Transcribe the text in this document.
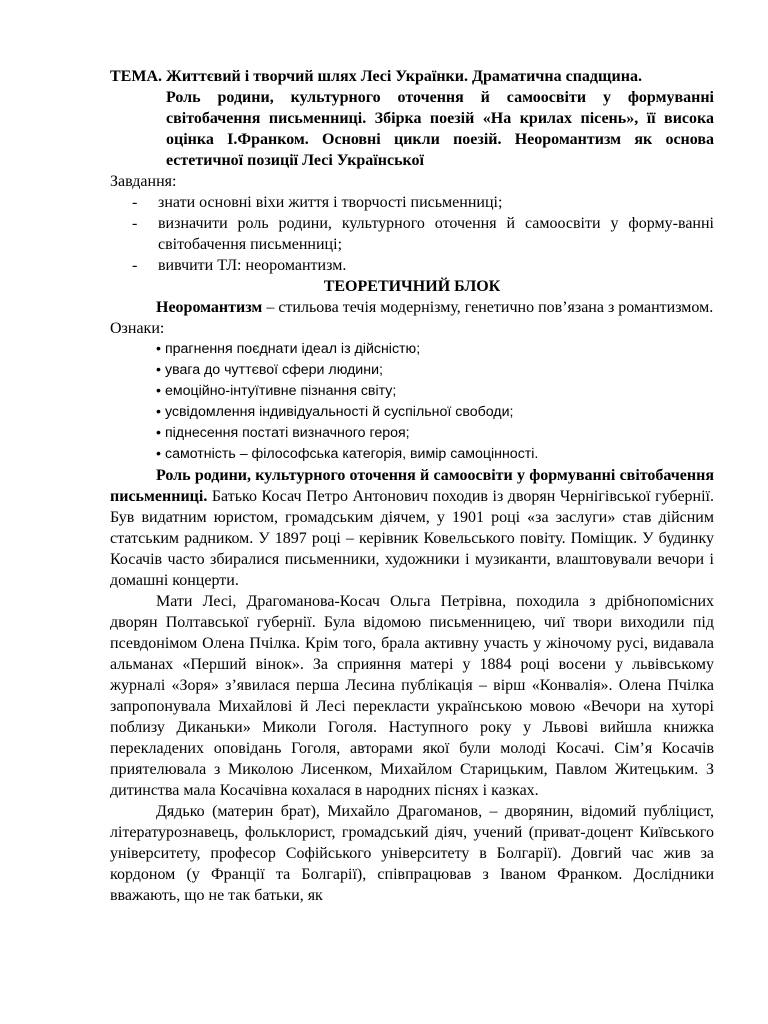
ТЕМА. Життєвий і творчий шлях Лесі Українки. Драматична спадщина.

Роль родини, культурного оточення й самоосвіти у формуванні світобачення письменниці. Збірка поезій «На крилах пісень», її висока оцінка І.Франком. Основні цикли поезій. Неоромантизм як основа естетичної позиції Лесі Української

Завдання:

- знати основні віхи життя і творчості письменниці;
- визначити роль родини, культурного оточення й самоосвіти у форму-ванні світобачення письменниці;
- вивчити ТЛ: неоромантизм.

ТЕОРЕТИЧНИЙ БЛОК

Неоромантизм – стильова течія модернізму, генетично пов’язана з романтизмом.

Ознаки:

• прагнення поєднати ідеал із дійсністю;
• увага до чуттєвої сфери людини;
• емоційно-інтуїтивне пізнання світу;
• усвідомлення індивідуальності й суспільної свободи;
• піднесення постаті визначного героя;
• самотність – філософська категорія, вимір самоцінності.

Роль родини, культурного оточення й самоосвіти у формуванні світобачення письменниці. Батько Косач Петро Антонович походив із дворян Чернігівської губернії. Був видатним юристом, громадським діячем, у 1901 році «за заслуги» став дійсним статським радником. У 1897 році – керівник Ковельського повіту. Поміщик. У будинку Косачів часто збиралися письменники, художники і музиканти, влаштовували вечори і домашні концерти.

Мати Лесі, Драгоманова-Косач Ольга Петрівна, походила з дрібнопомісних дворян Полтавської губернії. Була відомою письменницею, чиї твори виходили під псевдонімом Олена Пчілка. Крім того, брала активну участь у жіночому русі, видавала альманах «Перший вінок». За сприяння матері у 1884 році восени у львівському журналі «Зоря» з’явилася перша Лесина публікація – вірш «Конвалія». Олена Пчілка запропонувала Михайлові й Лесі перекласти українською мовою «Вечори на хуторі поблизу Диканьки» Миколи Гоголя. Наступного року у Львові вийшла книжка перекладених оповідань Гоголя, авторами якої були молоді Косачі. Сім’я Косачів приятелювала з Миколою Лисенком, Михайлом Старицьким, Павлом Житецьким. З дитинства мала Косачівна кохалася в народних піснях і казках.

Дядько (материн брат), Михайло Драгоманов, – дворянин, відомий публіцист, літературознавець, фольклорист, громадський діяч, учений (приват-доцент Київського університету, професор Софійського університету в Болгарії). Довгий час жив за кордоном (у Франції та Болгарії), співпрацював з Іваном Франком. Дослідники вважають, що не так батьки, як
